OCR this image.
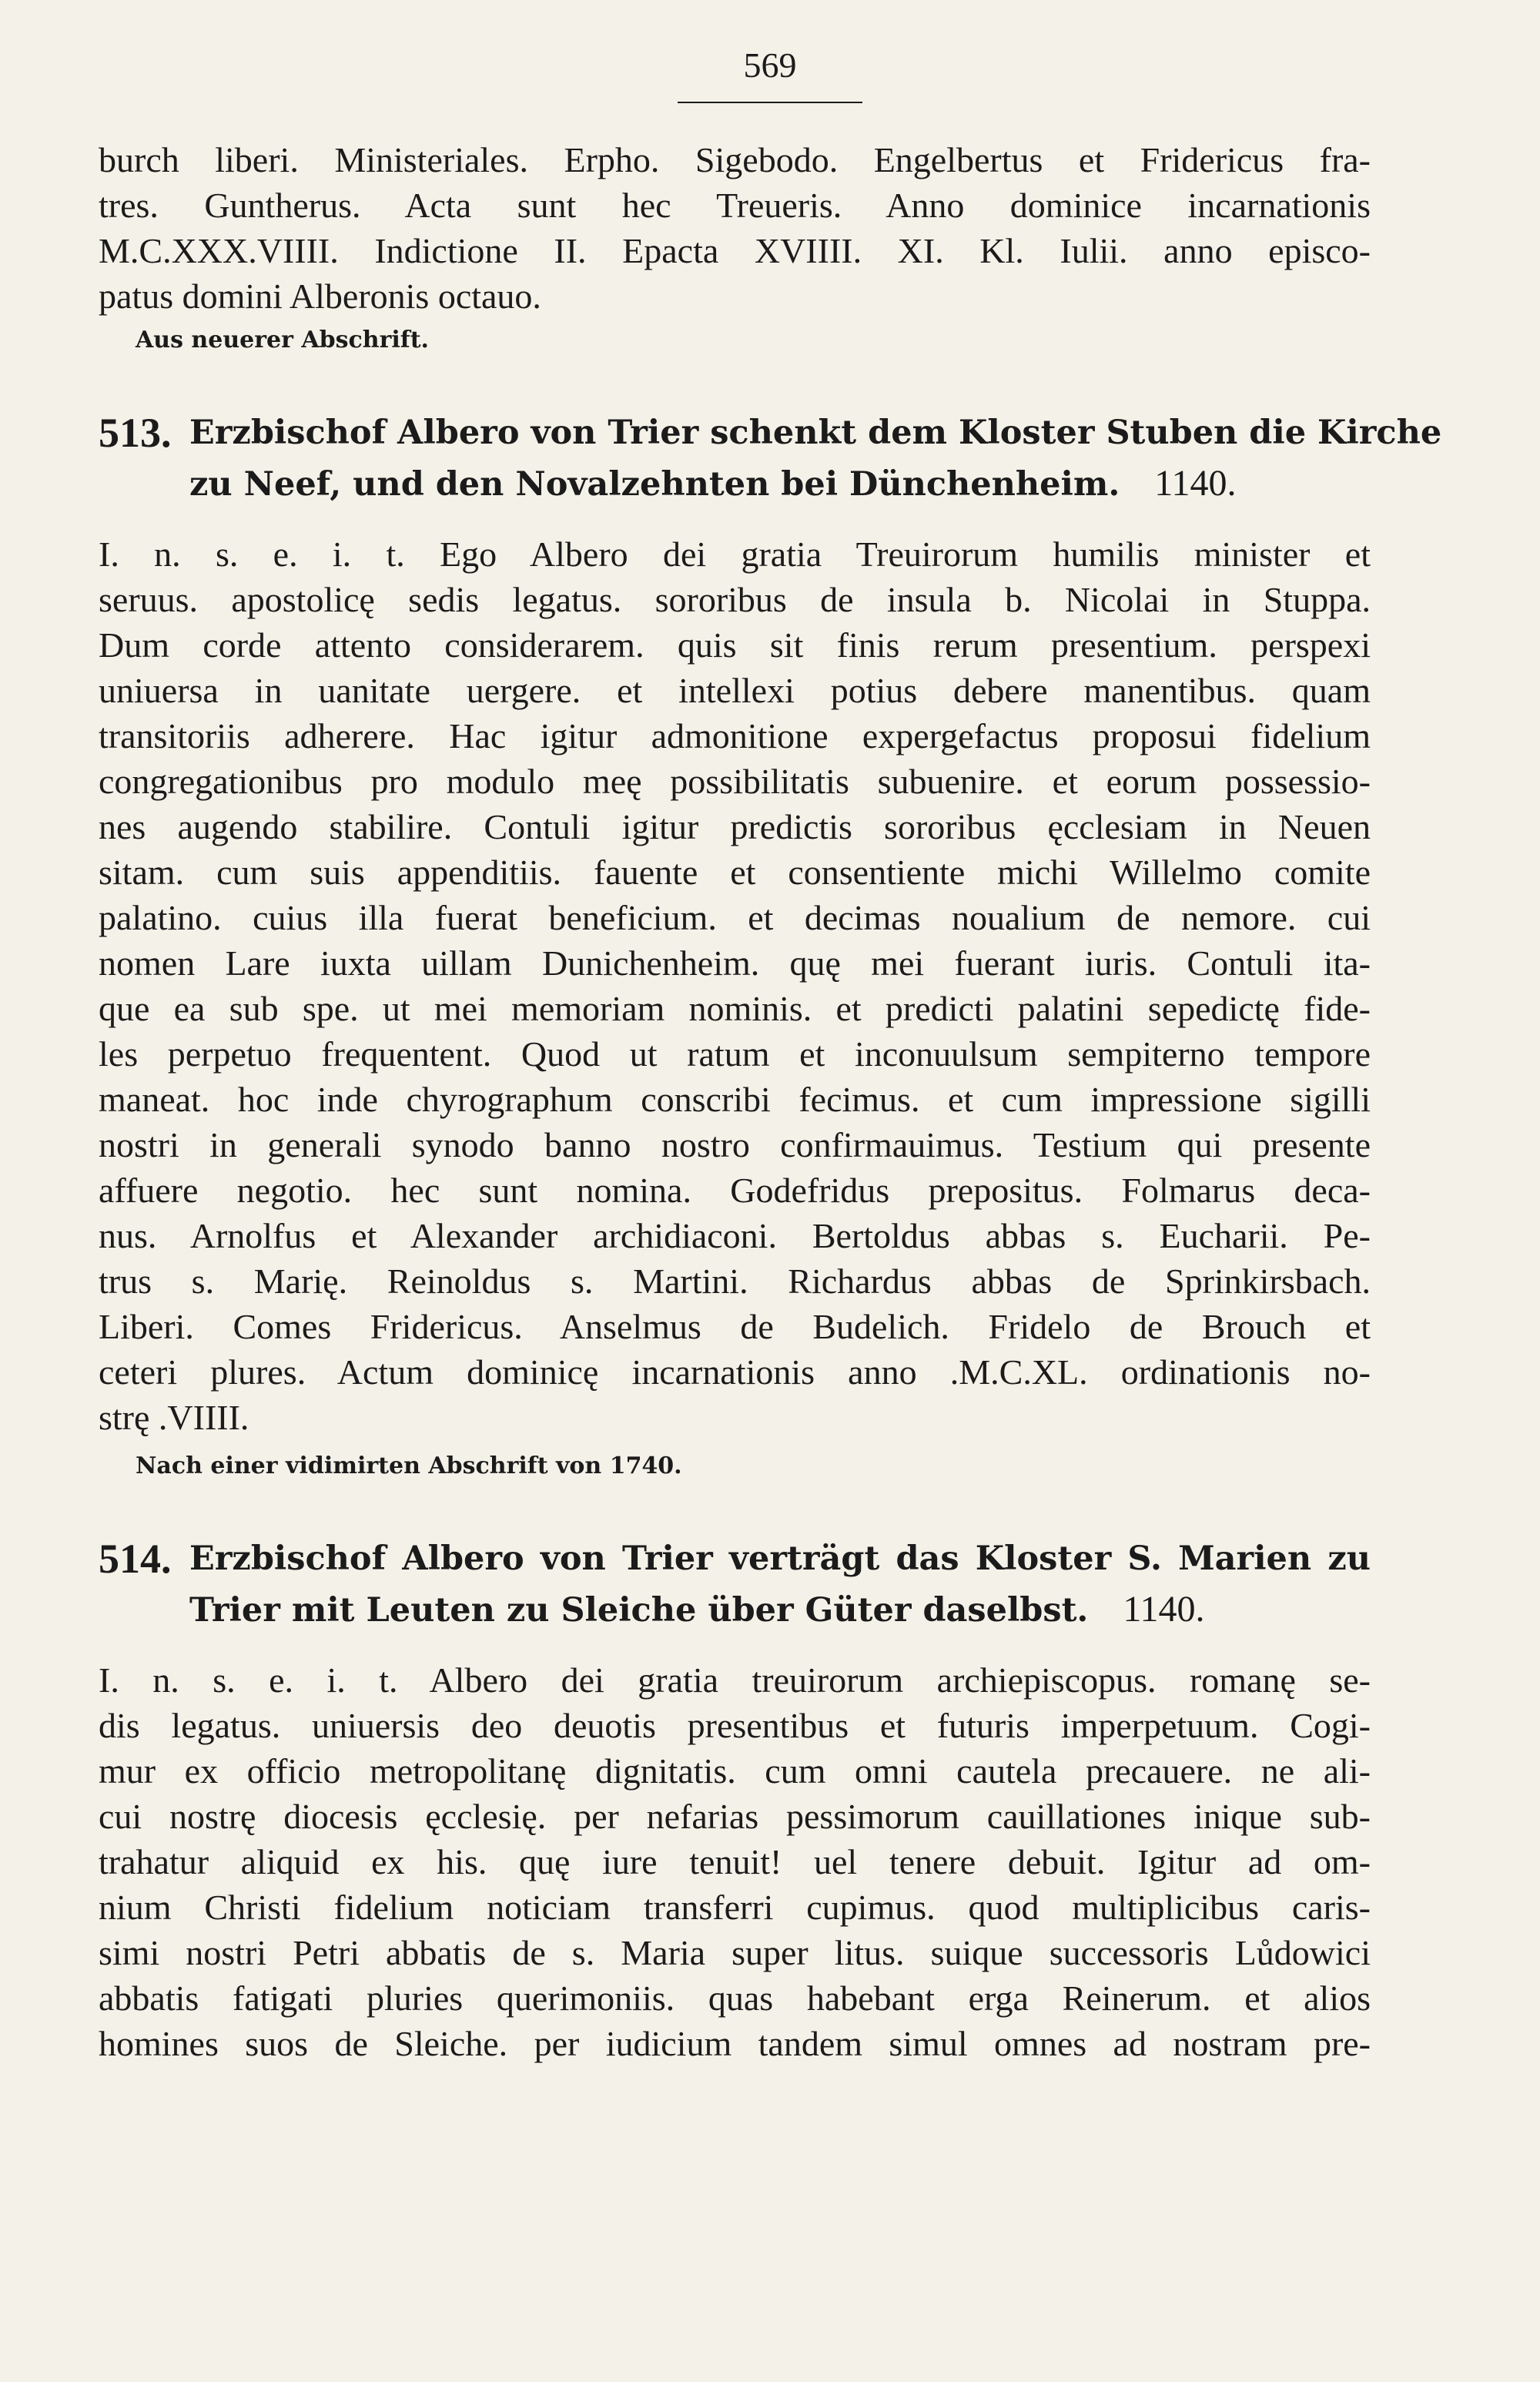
569
burch liberi. Ministeriales. Erpho. Sigebodo. Engelbertus et Fridericus fra-
tres. Guntherus. Acta sunt hec Treueris. Anno dominice incarnationis
M.C.XXX.VIIII. Indictione II. Epacta XVIIII. XI. Kl. Iulii. anno episco-
patus domini Alberonis octauo.
Aus neuerer Abschrift.
513. Erzbischof Albero von Trier schenkt dem Kloster Stuben die Kirche
zu Neef, und den Novalzehnten bei Dünchenheim. 1140.
I. n. s. e. i. t. Ego Albero dei gratia Treuirorum humilis minister et
seruus. apostolicę sedis legatus. sororibus de insula b. Nicolai in Stuppa.
Dum corde attento considerarem. quis sit finis rerum presentium. perspexi
uniuersa in uanitate uergere. et intellexi potius debere manentibus. quam
transitoriis adherere. Hac igitur admonitione expergefactus proposui fidelium
congregationibus pro modulo meę possibilitatis subuenire. et eorum possessio-
nes augendo stabilire. Contuli igitur predictis sororibus ęcclesiam in Neuen
sitam. cum suis appenditiis. fauente et consentiente michi Willelmo comite
palatino. cuius illa fuerat beneficium. et decimas noualium de nemore. cui
nomen Lare iuxta uillam Dunichenheim. quę mei fuerant iuris. Contuli ita-
que ea sub spe. ut mei memoriam nominis. et predicti palatini sepedictę fide-
les perpetuo frequentent. Quod ut ratum et inconuulsum sempiterno tempore
maneat. hoc inde chyrographum conscribi fecimus. et cum impressione sigilli
nostri in generali synodo banno nostro confirmauimus. Testium qui presente
affuere negotio. hec sunt nomina. Godefridus prepositus. Folmarus deca-
nus. Arnolfus et Alexander archidiaconi. Bertoldus abbas s. Eucharii. Pe-
trus s. Marię. Reinoldus s. Martini. Richardus abbas de Sprinkirsbach.
Liberi. Comes Fridericus. Anselmus de Budelich. Fridelo de Brouch et
ceteri plures. Actum dominicę incarnationis anno .M.C.XL. ordinationis no-
strę .VIIII.
Nach einer vidimirten Abschrift von 1740.
514. Erzbischof Albero von Trier verträgt das Kloster S. Marien zu
Trier mit Leuten zu Sleiche über Güter daselbst. 1140.
I. n. s. e. i. t. Albero dei gratia treuirorum archiepiscopus. romanę se-
dis legatus. uniuersis deo deuotis presentibus et futuris imperpetuum. Cogi-
mur ex officio metropolitanę dignitatis. cum omni cautela precauere. ne ali-
cui nostrę diocesis ęcclesię. per nefarias pessimorum cauillationes inique sub-
trahatur aliquid ex his. quę iure tenuit! uel tenere debuit. Igitur ad om-
nium Christi fidelium noticiam transferri cupimus. quod multiplicibus caris-
simi nostri Petri abbatis de s. Maria super litus. suique successoris Lůdowici
abbatis fatigati pluries querimoniis. quas habebant erga Reinerum. et alios
homines suos de Sleiche. per iudicium tandem simul omnes ad nostram pre-
